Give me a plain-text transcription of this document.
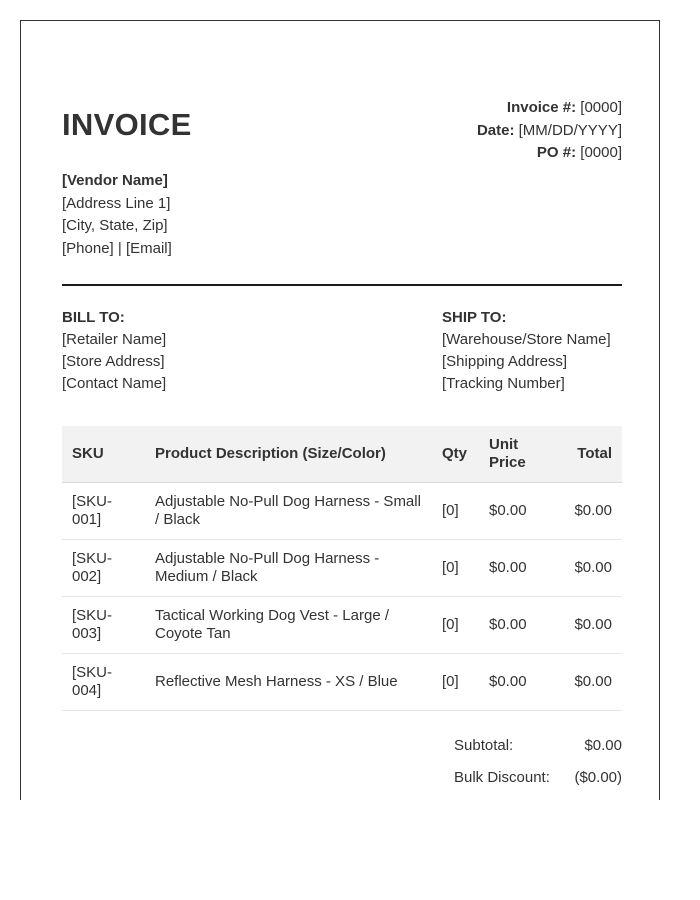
INVOICE	Invoice #: [0000]
Date: [MM/DD/YYYY]
PO #: [0000]
[Vendor Name]
[Address Line 1]
[City, State, Zip]
[Phone] | [Email]
BILL TO:
[Retailer Name]
[Store Address]
[Contact Name]
SHIP TO:
[Warehouse/Store Name]
[Shipping Address]
[Tracking Number]
SKU	Product Description (Size/Color)	Qty	Unit Price	Total
[SKU-001]	Adjustable No-Pull Dog Harness - Small / Black	[0]	$0.00	$0.00
[SKU-002]	Adjustable No-Pull Dog Harness - Medium / Black	[0]	$0.00	$0.00
[SKU-003]	Tactical Working Dog Vest - Large / Coyote Tan	[0]	$0.00	$0.00
[SKU-004]	Reflective Mesh Harness - XS / Blue	[0]	$0.00	$0.00
Subtotal:	$0.00
Bulk Discount: ($0.00)
